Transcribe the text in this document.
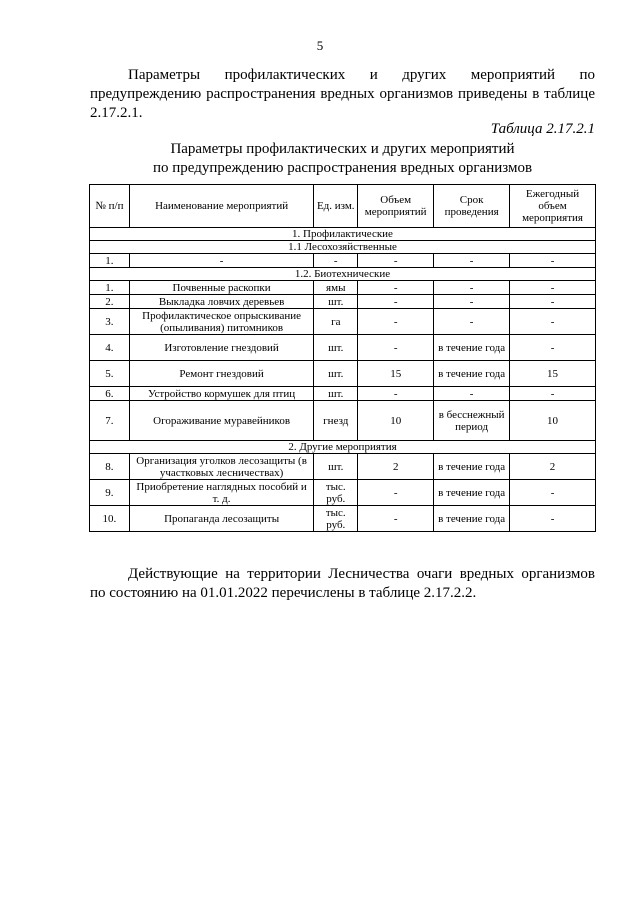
5
Параметры профилактических и других мероприятий по
предупреждению распространения вредных организмов приведены в таблице
2.17.2.1.
Таблица 2.17.2.1
Параметры профилактических и других мероприятий
по предупреждению распространения вредных организмов
№ п/п	Наименование мероприятий	Ед. изм.	Объем мероприятий	Срок проведения	Ежегодный объем мероприятия
1. Профилактические					
1.1 Лесохозяйственные					
1.	-	-	-	-	-
1.2. Биотехнические					
1.	Почвенные раскопки	ямы	-	-	-
2.	Выкладка ловчих деревьев	шт.	-	-	-
3.	Профилактическое опрыскивание (опыливания) питомников	га	-	-	-
4.	Изготовление гнездовий	шт.	-	в течение года	-
5.	Ремонт гнездовий	шт.	15	в течение года	15
6.	Устройство кормушек для птиц	шт.	-	-	-
7.	Огораживание муравейников	гнезд	10	в бесснежный период	10
2. Другие мероприятия					
8.	Организация уголков лесозащиты (в участковых лесничествах)	шт.	2	в течение года	2
9.	Приобретение наглядных пособий и т. д.	тыс. руб.	-	в течение года	-
10.	Пропаганда лесозащиты	тыс. руб.	-	в течение года	-
Действующие на территории Лесничества очаги вредных организмов
по состоянию на 01.01.2022 перечислены в таблице 2.17.2.2.
